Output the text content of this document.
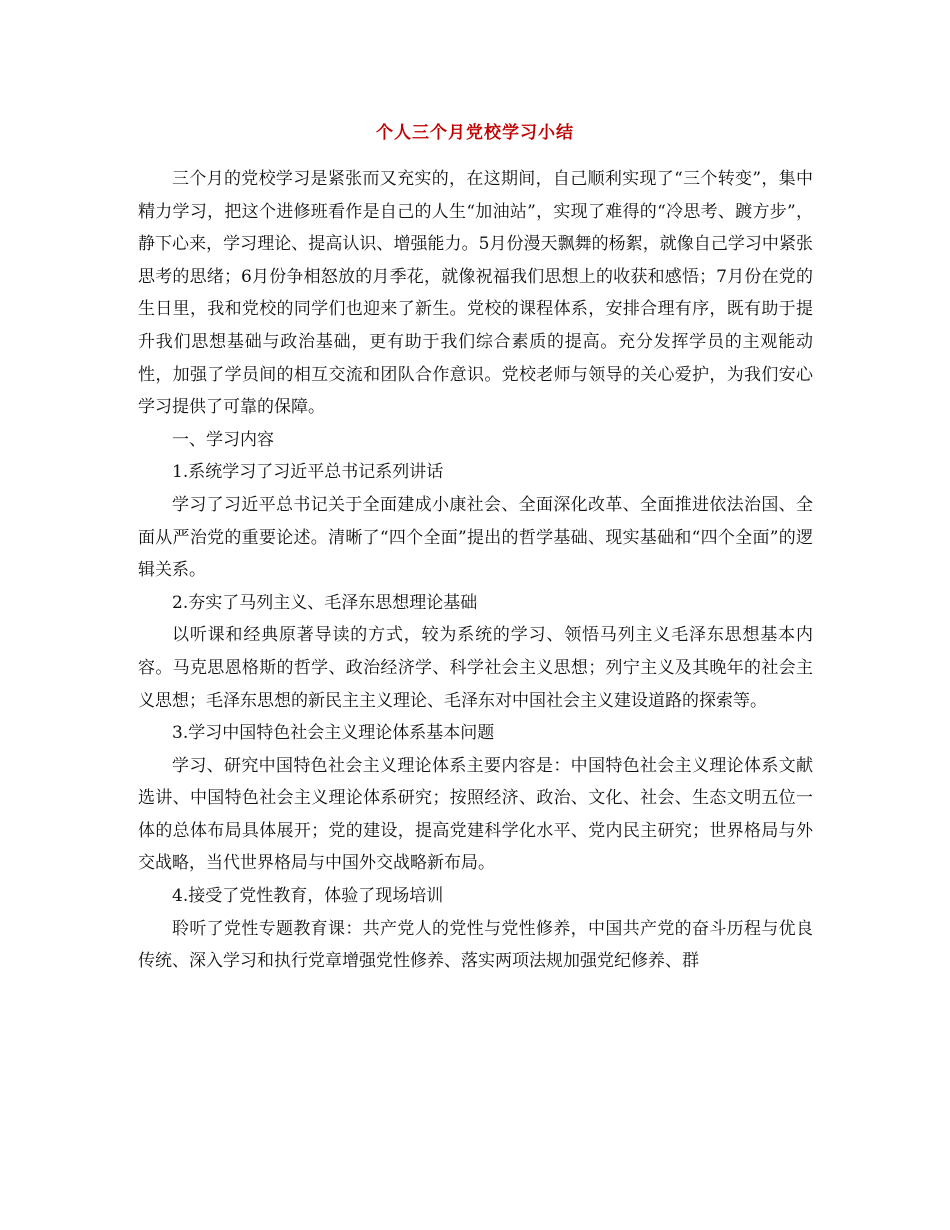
个人三个月党校学习小结

三个月的党校学习是紧张而又充实的，在这期间，自己顺利实现了“三个转变”，集中精力学习，把这个进修班看作是自己的人生“加油站”，实现了难得的“冷思考、踱方步”，静下心来，学习理论、提高认识、增强能力。5月份漫天飘舞的杨絮，就像自己学习中紧张思考的思绪；6月份争相怒放的月季花，就像祝福我们思想上的收获和感悟；7月份在党的生日里，我和党校的同学们也迎来了新生。党校的课程体系，安排合理有序，既有助于提升我们思想基础与政治基础，更有助于我们综合素质的提高。充分发挥学员的主观能动性，加强了学员间的相互交流和团队合作意识。党校老师与领导的关心爱护，为我们安心学习提供了可靠的保障。

一、学习内容

1.系统学习了习近平总书记系列讲话

学习了习近平总书记关于全面建成小康社会、全面深化改革、全面推进依法治国、全面从严治党的重要论述。清晰了“四个全面”提出的哲学基础、现实基础和“四个全面”的逻辑关系。

2.夯实了马列主义、毛泽东思想理论基础

以听课和经典原著导读的方式，较为系统的学习、领悟马列主义毛泽东思想基本内容。马克思恩格斯的哲学、政治经济学、科学社会主义思想；列宁主义及其晚年的社会主义思想；毛泽东思想的新民主主义理论、毛泽东对中国社会主义建设道路的探索等。

3.学习中国特色社会主义理论体系基本问题

学习、研究中国特色社会主义理论体系主要内容是：中国特色社会主义理论体系文献选讲、中国特色社会主义理论体系研究；按照经济、政治、文化、社会、生态文明五位一体的总体布局具体展开；党的建设，提高党建科学化水平、党内民主研究；世界格局与外交战略，当代世界格局与中国外交战略新布局。

4.接受了党性教育，体验了现场培训

聆听了党性专题教育课：共产党人的党性与党性修养，中国共产党的奋斗历程与优良传统、深入学习和执行党章增强党性修养、落实两项法规加强党纪修养、群
